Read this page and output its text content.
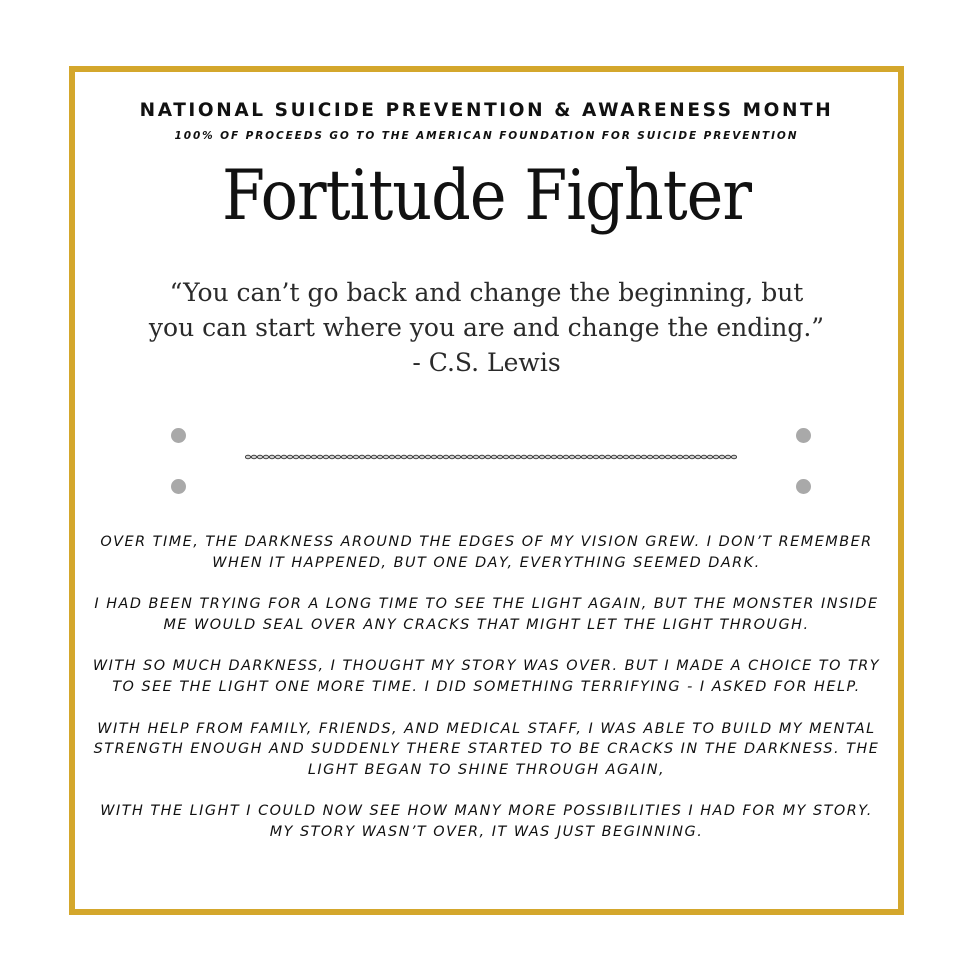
NATIONAL SUICIDE PREVENTION & AWARENESS MONTH
100% OF PROCEEDS GO TO THE AMERICAN FOUNDATION FOR SUICIDE PREVENTION
Fortitude Fighter
“You can’t go back and change the beginning, but you can start where you are and change the ending.” - C.S. Lewis

OVER TIME, THE DARKNESS AROUND THE EDGES OF MY VISION GREW. I DON’T REMEMBER WHEN IT HAPPENED, BUT ONE DAY, EVERYTHING SEEMED DARK.

I HAD BEEN TRYING FOR A LONG TIME TO SEE THE LIGHT AGAIN, BUT THE MONSTER INSIDE ME WOULD SEAL OVER ANY CRACKS THAT MIGHT LET THE LIGHT THROUGH.

WITH SO MUCH DARKNESS, I THOUGHT MY STORY WAS OVER. BUT I MADE A CHOICE TO TRY TO SEE THE LIGHT ONE MORE TIME. I DID SOMETHING TERRIFYING - I ASKED FOR HELP.

WITH HELP FROM FAMILY, FRIENDS, AND MEDICAL STAFF, I WAS ABLE TO BUILD MY MENTAL STRENGTH ENOUGH AND SUDDENLY THERE STARTED TO BE CRACKS IN THE DARKNESS. THE LIGHT BEGAN TO SHINE THROUGH AGAIN,

WITH THE LIGHT I COULD NOW SEE HOW MANY MORE POSSIBILITIES I HAD FOR MY STORY. MY STORY WASN’T OVER, IT WAS JUST BEGINNING.
